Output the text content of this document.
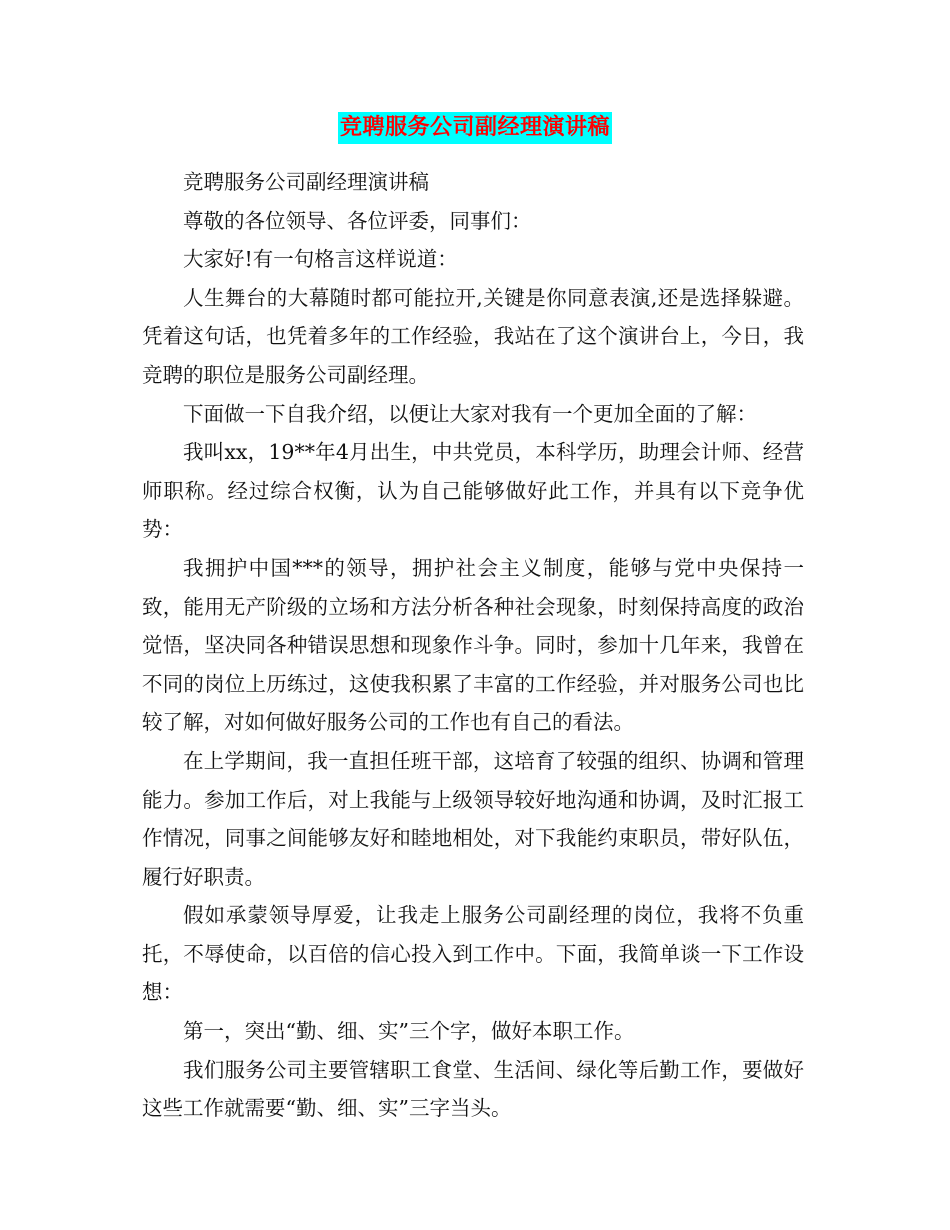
竞聘服务公司副经理演讲稿

竞聘服务公司副经理演讲稿

尊敬的各位领导、各位评委，同事们：

大家好!有一句格言这样说道：

人生舞台的大幕随时都可能拉开,关键是你同意表演,还是选择躲避。凭着这句话，也凭着多年的工作经验，我站在了这个演讲台上，今日，我竞聘的职位是服务公司副经理。

下面做一下自我介绍，以便让大家对我有一个更加全面的了解：

我叫xx，19**年4月出生，中共党员，本科学历，助理会计师、经营师职称。经过综合权衡，认为自己能够做好此工作，并具有以下竞争优势：

我拥护中国***的领导，拥护社会主义制度，能够与党中央保持一致，能用无产阶级的立场和方法分析各种社会现象，时刻保持高度的政治觉悟，坚决同各种错误思想和现象作斗争。同时，参加十几年来，我曾在不同的岗位上历练过，这使我积累了丰富的工作经验，并对服务公司也比较了解，对如何做好服务公司的工作也有自己的看法。

在上学期间，我一直担任班干部，这培育了较强的组织、协调和管理能力。参加工作后，对上我能与上级领导较好地沟通和协调，及时汇报工作情况，同事之间能够友好和睦地相处，对下我能约束职员，带好队伍，履行好职责。

假如承蒙领导厚爱，让我走上服务公司副经理的岗位，我将不负重托，不辱使命，以百倍的信心投入到工作中。下面，我简单谈一下工作设想：

第一，突出“勤、细、实”三个字，做好本职工作。

我们服务公司主要管辖职工食堂、生活间、绿化等后勤工作，要做好这些工作就需要“勤、细、实”三字当头。
